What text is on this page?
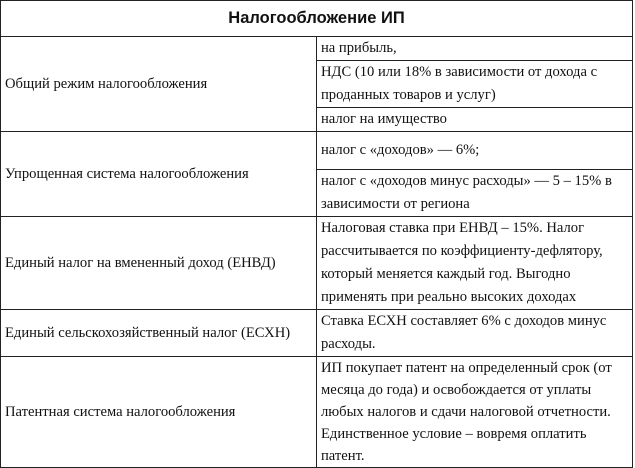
Налогообложение ИП	
Общий режим налогообложения	на прибыль,
	НДС (10 или 18% в зависимости от дохода с проданных товаров и услуг)
	налог на имущество
Упрощенная система налогообложения	налог с «доходов» — 6%;
	налог с «доходов минус расходы» — 5 – 15% в зависимости от региона
Единый налог на вмененный доход (ЕНВД)	Налоговая ставка при ЕНВД – 15%. Налог рассчитывается по коэффициенту-дефлятору, который меняется каждый год. Выгодно применять при реально высоких доходах
Единый сельскохозяйственный налог (ЕСХН)	Ставка ЕСХН составляет 6% с доходов минус расходы.
Патентная система налогообложения	ИП покупает патент на определенный срок (от месяца до года) и освобождается от уплаты любых налогов и сдачи налоговой отчетности. Единственное условие – вовремя оплатить патент.
